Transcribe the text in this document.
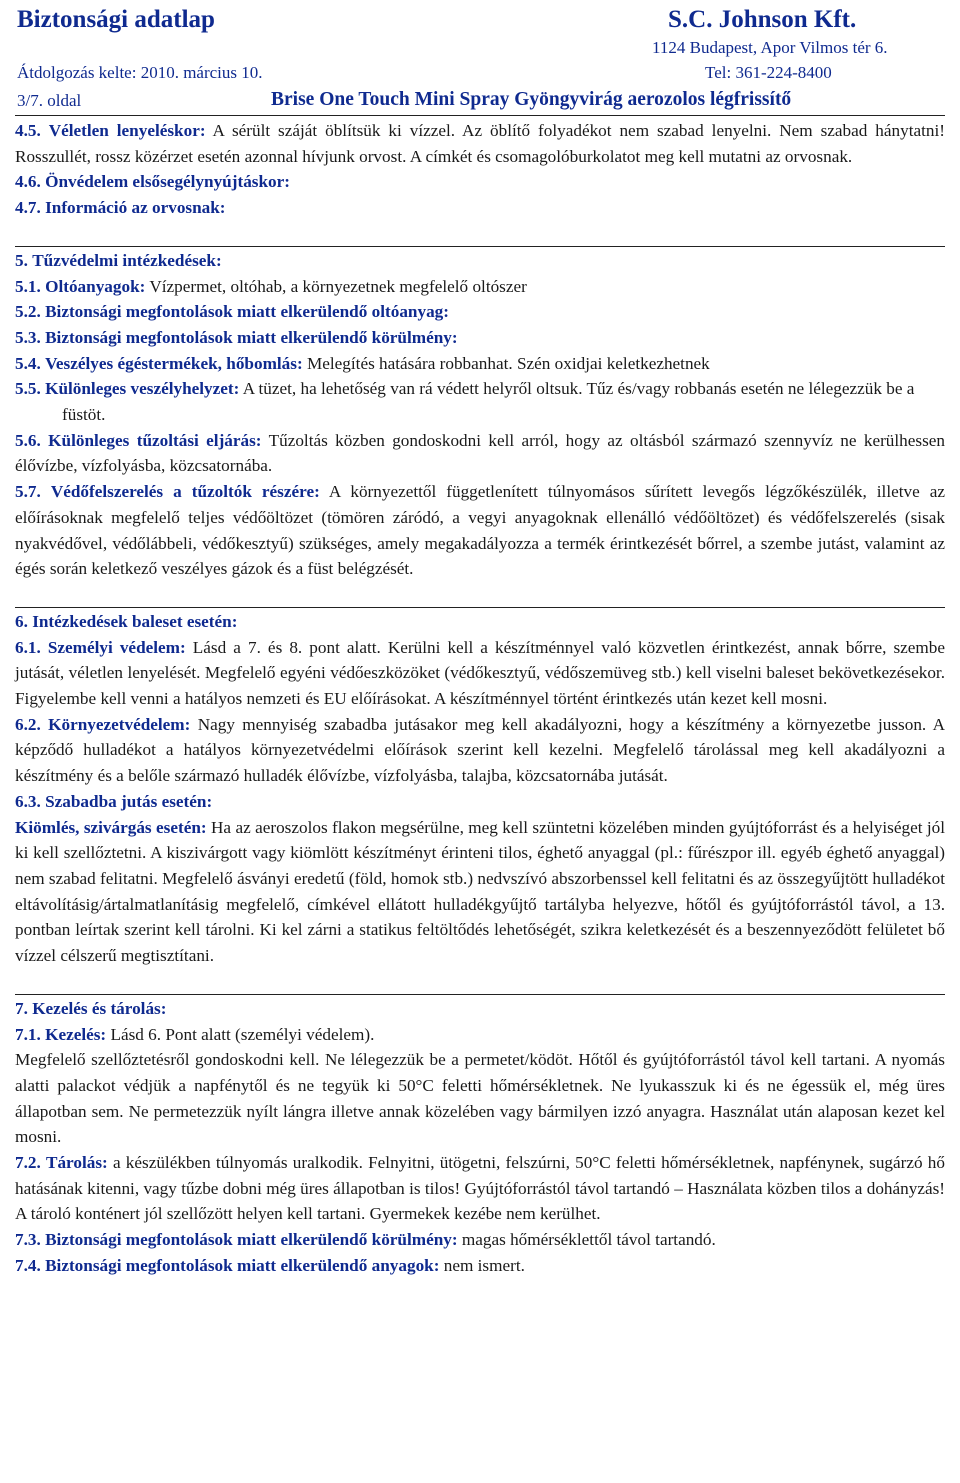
Biztonsági adatlap	S.C. Johnson Kft.
1124 Budapest, Apor Vilmos tér 6.
Átdolgozás kelte: 2010. március 10.	Tel: 361-224-8400
3/7. oldal	Brise One Touch Mini Spray Gyöngyvirág aerozolos légfrissítő

4.5. Véletlen lenyeléskor: A sérült száját öblítsük ki vízzel. Az öblítő folyadékot nem szabad lenyelni. Nem szabad hánytatni! Rosszullét, rossz közérzet esetén azonnal hívjunk orvost. A címkét és csomagolóburkolatot meg kell mutatni az orvosnak.

4.6. Önvédelem elsősegélynyújtáskor:

4.7. Információ az orvosnak:

5. Tűzvédelmi intézkedések:

5.1. Oltóanyagok: Vízpermet, oltóhab, a környezetnek megfelelő oltószer

5.2. Biztonsági megfontolások miatt elkerülendő oltóanyag:

5.3. Biztonsági megfontolások miatt elkerülendő körülmény:

5.4. Veszélyes égéstermékek, hőbomlás: Melegítés hatására robbanhat. Szén oxidjai keletkezhetnek

5.5. Különleges veszélyhelyzet: A tüzet, ha lehetőség van rá védett helyről oltsuk. Tűz és/vagy robbanás esetén ne lélegezzük be a füstöt.

5.6. Különleges tűzoltási eljárás: Tűzoltás közben gondoskodni kell arról, hogy az oltásból származó szennyvíz ne kerülhessen élővízbe, vízfolyásba, közcsatornába.

5.7. Védőfelszerelés a tűzoltók részére: A környezettől függetlenített túlnyomásos sűrített levegős légzőkészülék, illetve az előírásoknak megfelelő teljes védőöltözet (tömören záródó, a vegyi anyagoknak ellenálló védőöltözet) és védőfelszerelés (sisak nyakvédővel, védőlábbeli, védőkesztyű) szükséges, amely megakadályozza a termék érintkezését bőrrel, a szembe jutást, valamint az égés során keletkező veszélyes gázok és a füst belégzését.

6. Intézkedések baleset esetén:

6.1. Személyi védelem: Lásd a 7. és 8. pont alatt. Kerülni kell a készítménnyel való közvetlen érintkezést, annak bőrre, szembe jutását, véletlen lenyelését. Megfelelő egyéni védőeszközöket (védőkesztyű, védőszemüveg stb.) kell viselni baleset bekövetkezésekor. Figyelembe kell venni a hatályos nemzeti és EU előírásokat. A készítménnyel történt érintkezés után kezet kell mosni.

6.2. Környezetvédelem: Nagy mennyiség szabadba jutásakor meg kell akadályozni, hogy a készítmény a környezetbe jusson. A képződő hulladékot a hatályos környezetvédelmi előírások szerint kell kezelni. Megfelelő tárolással meg kell akadályozni a készítmény és a belőle származó hulladék élővízbe, vízfolyásba, talajba, közcsatornába jutását.

6.3. Szabadba jutás esetén:

Kiömlés, szivárgás esetén: Ha az aeroszolos flakon megsérülne, meg kell szüntetni közelében minden gyújtóforrást és a helyiséget jól ki kell szellőztetni. A kiszivárgott vagy kiömlött készítményt érinteni tilos, éghető anyaggal (pl.: fűrészpor ill. egyéb éghető anyaggal) nem szabad felitatni. Megfelelő ásványi eredetű (föld, homok stb.) nedvszívó abszorbenssel kell felitatni és az összegyűjtött hulladékot eltávolításig/ártalmatlanításig megfelelő, címkével ellátott hulladékgyűjtő tartályba helyezve, hőtől és gyújtóforrástól távol, a 13. pontban leírtak szerint kell tárolni. Ki kel zárni a statikus feltöltődés lehetőségét, szikra keletkezését és a beszennyeződött felületet bő vízzel célszerű megtisztítani.

7. Kezelés és tárolás:

7.1. Kezelés: Lásd 6. Pont alatt (személyi védelem).

Megfelelő szellőztetésről gondoskodni kell. Ne lélegezzük be a permetet/ködöt. Hőtől és gyújtóforrástól távol kell tartani. A nyomás alatti palackot védjük a napfénytől és ne tegyük ki 50°C feletti hőmérsékletnek. Ne lyukasszuk ki és ne égessük el, még üres állapotban sem. Ne permetezzük nyílt lángra illetve annak közelében vagy bármilyen izzó anyagra. Használat után alaposan kezet kel mosni.

7.2. Tárolás: a készülékben túlnyomás uralkodik. Felnyitni, ütögetni, felszúrni, 50°C feletti hőmérsékletnek, napfénynek, sugárzó hő hatásának kitenni, vagy tűzbe dobni még üres állapotban is tilos! Gyújtóforrástól távol tartandó – Használata közben tilos a dohányzás! A tároló konténert jól szellőzött helyen kell tartani. Gyermekek kezébe nem kerülhet.

7.3. Biztonsági megfontolások miatt elkerülendő körülmény: magas hőmérséklettől távol tartandó.

7.4. Biztonsági megfontolások miatt elkerülendő anyagok: nem ismert.
